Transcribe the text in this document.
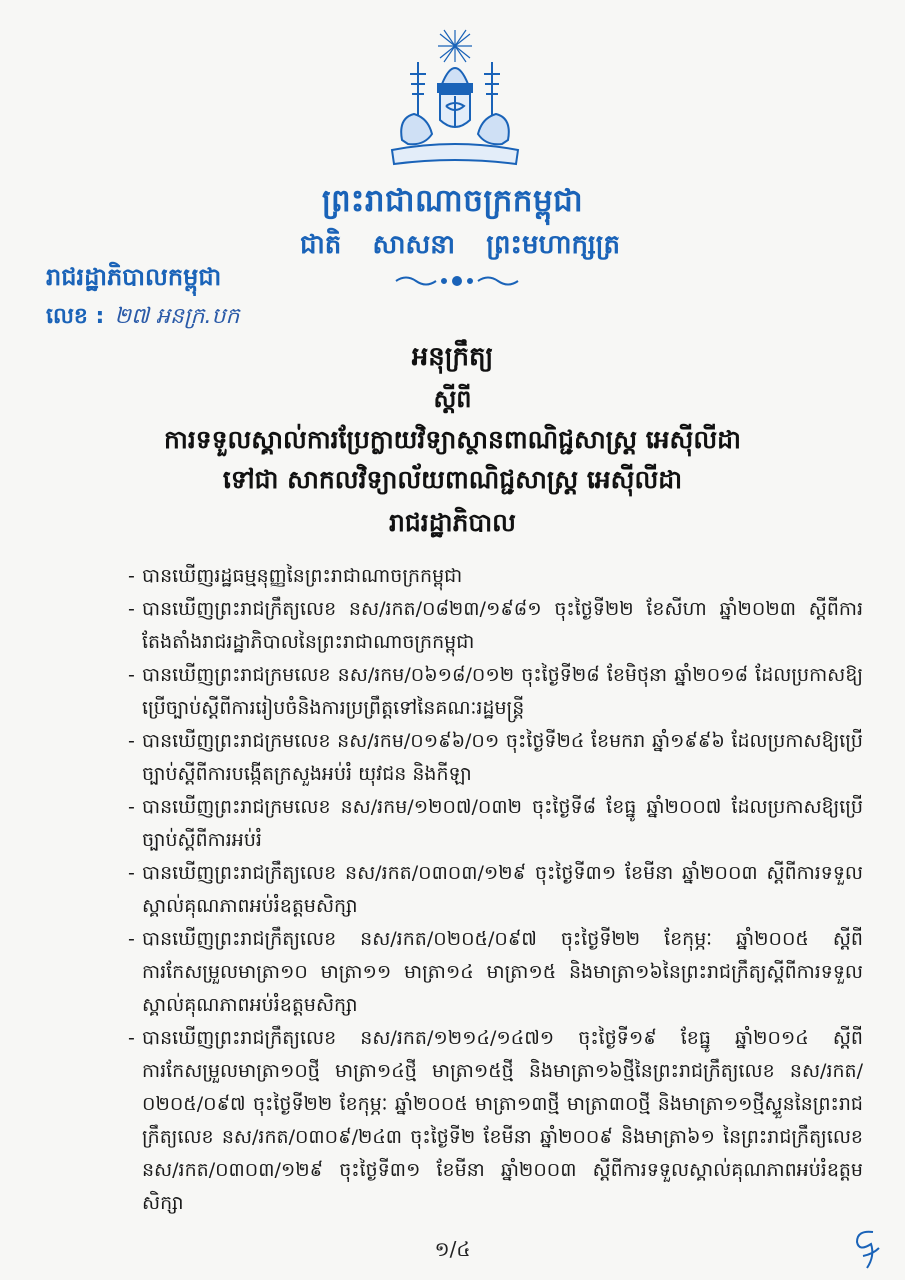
ព្រះរាជាណាចក្រកម្ពុជា
ជាតិ សាសនា ព្រះមហាក្សត្រ
រាជរដ្ឋាភិបាលកម្ពុជា
លេខ : ២៧ អនក្រ.បក
អនុក្រឹត្យ
ស្ដីពី
ការទទួលស្គាល់ការប្រែក្លាយវិទ្យាស្ថានពាណិជ្ជសាស្ត្រ អេស៊ីលីដា
ទៅជា សាកលវិទ្យាល័យពាណិជ្ជសាស្ត្រ អេស៊ីលីដា
រាជរដ្ឋាភិបាល
- បានឃើញរដ្ឋធម្មនុញ្ញនៃព្រះរាជាណាចក្រកម្ពុជា
- បានឃើញព្រះរាជក្រឹត្យលេខ នស/រកត/០៨២៣/១៩៨១ ចុះថ្ងៃទី២២ ខែសីហា ឆ្នាំ២០២៣ ស្តីពីការតែងតាំងរាជរដ្ឋាភិបាលនៃព្រះរាជាណាចក្រកម្ពុជា
- បានឃើញព្រះរាជក្រមលេខ នស/រកម/០៦១៨/០១២ ចុះថ្ងៃទី២៨ ខែមិថុនា ឆ្នាំ២០១៨ ដែលប្រកាសឱ្យប្រើច្បាប់ស្តីពីការរៀបចំនិងការប្រព្រឹត្តទៅនៃគណៈរដ្ឋមន្ត្រី
- បានឃើញព្រះរាជក្រមលេខ នស/រកម/០១៩៦/០១ ចុះថ្ងៃទី២៤ ខែមករា ឆ្នាំ១៩៩៦ ដែលប្រកាសឱ្យប្រើច្បាប់ស្តីពីការបង្កើតក្រសួងអប់រំ យុវជន និងកីឡា
- បានឃើញព្រះរាជក្រមលេខ នស/រកម/១២០៧/០៣២ ចុះថ្ងៃទី៨ ខែធ្នូ ឆ្នាំ២០០៧ ដែលប្រកាសឱ្យប្រើច្បាប់ស្តីពីការអប់រំ
- បានឃើញព្រះរាជក្រឹត្យលេខ នស/រកត/០៣០៣/១២៩ ចុះថ្ងៃទី៣១ ខែមីនា ឆ្នាំ២០០៣ ស្តីពីការទទួលស្គាល់គុណភាពអប់រំឧត្តមសិក្សា
- បានឃើញព្រះរាជក្រឹត្យលេខ នស/រកត/០២០៥/០៩៧ ចុះថ្ងៃទី២២ ខែកុម្ភៈ ឆ្នាំ២០០៥ ស្តីពីការកែសម្រួលមាត្រា១០ មាត្រា១១ មាត្រា១៤ មាត្រា១៥ និងមាត្រា១៦នៃព្រះរាជក្រឹត្យស្តីពីការទទួលស្គាល់គុណភាពអប់រំឧត្តមសិក្សា
- បានឃើញព្រះរាជក្រឹត្យលេខ នស/រកត/១២១៤/១៤៧១ ចុះថ្ងៃទី១៩ ខែធ្នូ ឆ្នាំ២០១៤ ស្តីពីការកែសម្រួលមាត្រា១០ថ្មី មាត្រា១៤ថ្មី មាត្រា១៥ថ្មី និងមាត្រា១៦ថ្មីនៃព្រះរាជក្រឹត្យលេខ នស/រកត/០២០៥/០៩៧ ចុះថ្ងៃទី២២ ខែកុម្ភៈ ឆ្នាំ២០០៥ មាត្រា១៣ថ្មី មាត្រា៣០ថ្មី និងមាត្រា១១ថ្មីស្ទួននៃព្រះរាជក្រឹត្យលេខ នស/រកត/០៣០៩/២៤៣ ចុះថ្ងៃទី២ ខែមីនា ឆ្នាំ២០០៩ និងមាត្រា៦១ នៃព្រះរាជក្រឹត្យលេខ នស/រកត/០៣០៣/១២៩ ចុះថ្ងៃទី៣១ ខែមីនា ឆ្នាំ២០០៣ ស្តីពីការទទួលស្គាល់គុណភាពអប់រំឧត្តមសិក្សា
១/៤
